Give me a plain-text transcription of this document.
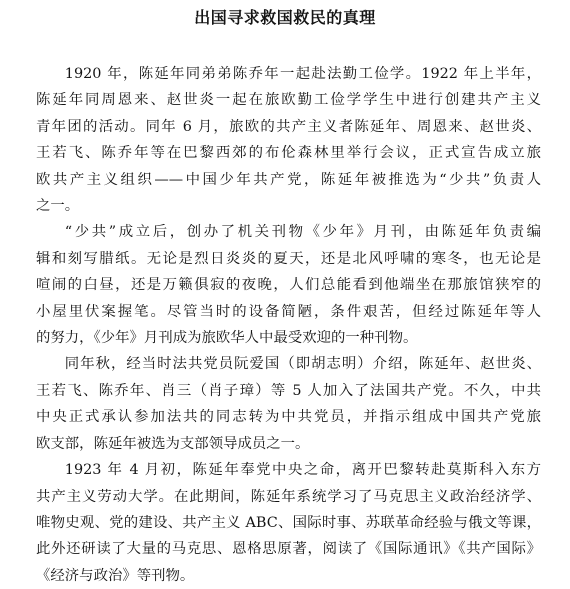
出国寻求救国救民的真理

1920 年，陈延年同弟弟陈乔年一起赴法勤工俭学。1922 年上半年，
陈延年同周恩来、赵世炎一起在旅欧勤工俭学学生中进行创建共产主义
青年团的活动。同年 6 月，旅欧的共产主义者陈延年、周恩来、赵世炎、
王若飞、陈乔年等在巴黎西郊的布伦森林里举行会议，正式宣告成立旅
欧共产主义组织——中国少年共产党，陈延年被推选为“少共”负责人
之一。

“少共”成立后，创办了机关刊物《少年》月刊，由陈延年负责编
辑和刻写腊纸。无论是烈日炎炎的夏天，还是北风呼啸的寒冬，也无论是
喧闹的白昼，还是万籁俱寂的夜晚，人们总能看到他端坐在那旅馆狭窄的
小屋里伏案握笔。尽管当时的设备简陋，条件艰苦，但经过陈延年等人
的努力，《少年》月刊成为旅欧华人中最受欢迎的一种刊物。

同年秋，经当时法共党员阮爱国（即胡志明）介绍，陈延年、赵世炎、
王若飞、陈乔年、肖三（肖子璋）等 5 人加入了法国共产党。不久，中共
中央正式承认参加法共的同志转为中共党员，并指示组成中国共产党旅
欧支部，陈延年被选为支部领导成员之一。

1923 年 4 月初，陈延年奉党中央之命，离开巴黎转赴莫斯科入东方
共产主义劳动大学。在此期间，陈延年系统学习了马克思主义政治经济学、
唯物史观、党的建设、共产主义 ABC、国际时事、苏联革命经验与俄文等课，
此外还研读了大量的马克思、恩格思原著，阅读了《国际通讯》《共产国际》
《经济与政治》等刊物。
